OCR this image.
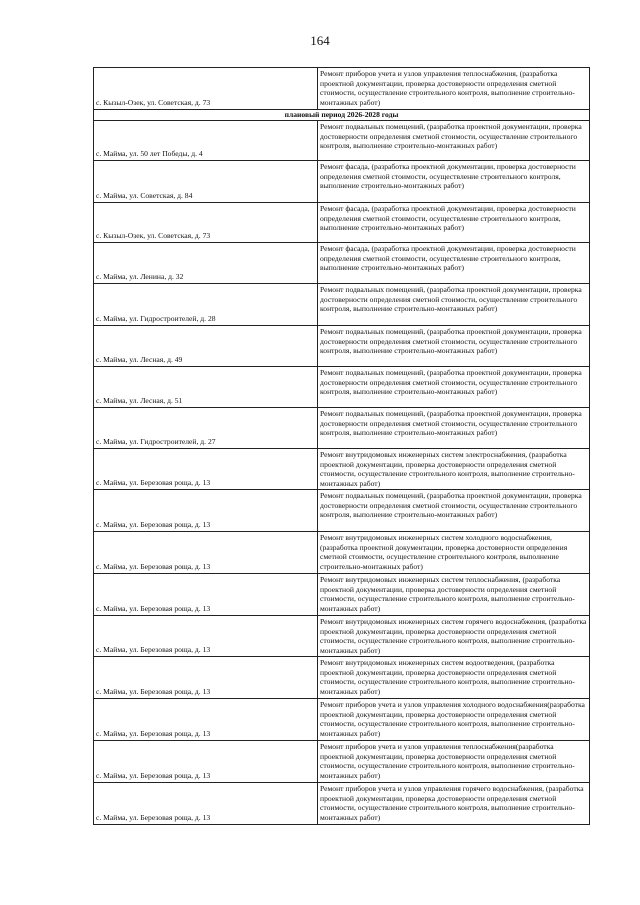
164
с. Кызыл-Озек, ул. Советская, д. 73	Ремонт приборов учета и узлов управления теплоснабжения, (разработка проектной документации, проверка достоверности определения сметной стоимости, осуществление строительного контроля, выполнение строительно-монтажных работ)
плановый период 2026-2028 годы	
с. Майма, ул. 50 лет Победы, д. 4	Ремонт подвальных помещений, (разработка проектной документации, проверка достоверности определения сметной стоимости, осуществление строительного контроля, выполнение строительно-монтажных работ)
с. Майма, ул. Советская, д. 84	Ремонт фасада, (разработка проектной документации, проверка достоверности определения сметной стоимости, осуществление строительного контроля, выполнение строительно-монтажных работ)
с. Кызыл-Озек, ул. Советская, д. 73	Ремонт фасада, (разработка проектной документации, проверка достоверности определения сметной стоимости, осуществление строительного контроля, выполнение строительно-монтажных работ)
с. Майма, ул. Ленина, д. 32	Ремонт фасада, (разработка проектной документации, проверка достоверности определения сметной стоимости, осуществление строительного контроля, выполнение строительно-монтажных работ)
с. Майма, ул. Гидростроителей, д. 28	Ремонт подвальных помещений, (разработка проектной документации, проверка достоверности определения сметной стоимости, осуществление строительного контроля, выполнение строительно-монтажных работ)
с. Майма, ул. Лесная, д. 49	Ремонт подвальных помещений, (разработка проектной документации, проверка достоверности определения сметной стоимости, осуществление строительного контроля, выполнение строительно-монтажных работ)
с. Майма, ул. Лесная, д. 51	Ремонт подвальных помещений, (разработка проектной документации, проверка достоверности определения сметной стоимости, осуществление строительного контроля, выполнение строительно-монтажных работ)
с. Майма, ул. Гидростроителей, д. 27	Ремонт подвальных помещений, (разработка проектной документации, проверка достоверности определения сметной стоимости, осуществление строительного контроля, выполнение строительно-монтажных работ)
с. Майма, ул. Березовая роща, д. 13	Ремонт внутридомовых инженерных систем электроснабжения, (разработка проектной документации, проверка достоверности определения сметной стоимости, осуществление строительного контроля, выполнение строительно-монтажных работ)
с. Майма, ул. Березовая роща, д. 13	Ремонт подвальных помещений, (разработка проектной документации, проверка достоверности определения сметной стоимости, осуществление строительного контроля, выполнение строительно-монтажных работ)
с. Майма, ул. Березовая роща, д. 13	Ремонт внутридомовых инженерных систем холодного водоснабжения, (разработка проектной документации, проверка достоверности определения сметной стоимости, осуществление строительного контроля, выполнение строительно-монтажных работ)
с. Майма, ул. Березовая роща, д. 13	Ремонт внутридомовых инженерных систем теплоснабжения, (разработка проектной документации, проверка достоверности определения сметной стоимости, осуществление строительного контроля, выполнение строительно-монтажных работ)
с. Майма, ул. Березовая роща, д. 13	Ремонт внутридомовых инженерных систем горячего водоснабжения, (разработка проектной документации, проверка достоверности определения сметной стоимости, осуществление строительного контроля, выполнение строительно-монтажных работ)
с. Майма, ул. Березовая роща, д. 13	Ремонт внутридомовых инженерных систем водоотведения, (разработка проектной документации, проверка достоверности определения сметной стоимости, осуществление строительного контроля, выполнение строительно-монтажных работ)
с. Майма, ул. Березовая роща, д. 13	Ремонт приборов учета и узлов управления холодного водоснабжения(разработка проектной документации, проверка достоверности определения сметной стоимости, осуществление строительного контроля, выполнение строительно-монтажных работ)
с. Майма, ул. Березовая роща, д. 13	Ремонт приборов учета и узлов управления теплоснабжения(разработка проектной документации, проверка достоверности определения сметной стоимости, осуществление строительного контроля, выполнение строительно-монтажных работ)
с. Майма, ул. Березовая роща, д. 13	Ремонт приборов учета и узлов управления горячего водоснабжения, (разработка проектной документации, проверка достоверности определения сметной стоимости, осуществление строительного контроля, выполнение строительно-монтажных работ)
